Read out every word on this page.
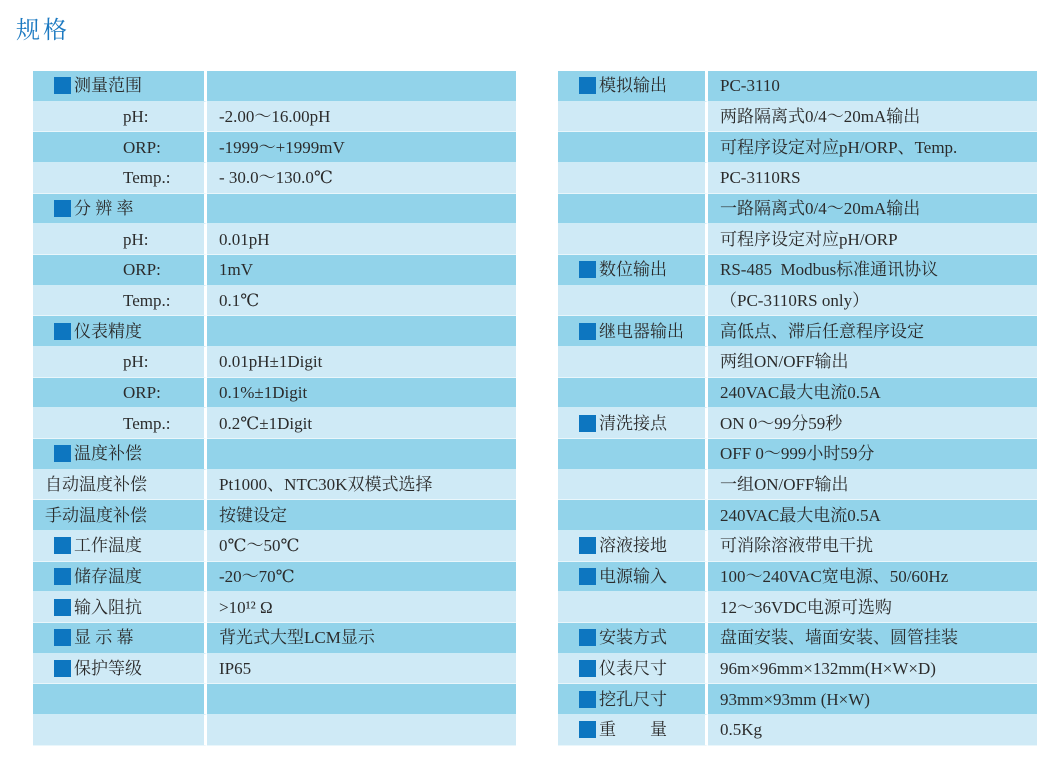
规格
测量范围
pH:	-2.00～16.00pH
ORP:	-1999～+1999mV
Temp.:	- 30.0～130.0℃
分 辨 率
pH:	0.01pH
ORP:	1mV
Temp.:	0.1℃
仪表精度
pH:	0.01pH±1Digit
ORP:	0.1%±1Digit
Temp.:	0.2℃±1Digit
温度补偿
自动温度补偿	Pt1000、NTC30K双模式选择
手动温度补偿	按键设定
工作温度	0℃～50℃
储存温度	-20～70℃
输入阻抗	>10¹² Ω
显 示 幕	背光式大型LCM显示
保护等级	IP65
模拟输出	PC-3110
两路隔离式0/4～20mA输出
可程序设定对应pH/ORP、Temp.
PC-3110RS
一路隔离式0/4～20mA输出
可程序设定对应pH/ORP
数位输出	RS-485  Modbus标准通讯协议
（PC-3110RS only）
继电器输出 高低点、滞后任意程序设定
两组ON/OFF输出
240VAC最大电流0.5A
清洗接点	ON 0～99分59秒
OFF 0～999小时59分
一组ON/OFF输出
240VAC最大电流0.5A
溶液接地	可消除溶液带电干扰
电源输入	100～240VAC宽电源、50/60Hz
12～36VDC电源可选购
安装方式	盘面安装、墙面安装、圆管挂装
仪表尺寸	96m×96mm×132mm(H×W×D)
挖孔尺寸	93mm×93mm (H×W)
重　　量	0.5Kg
